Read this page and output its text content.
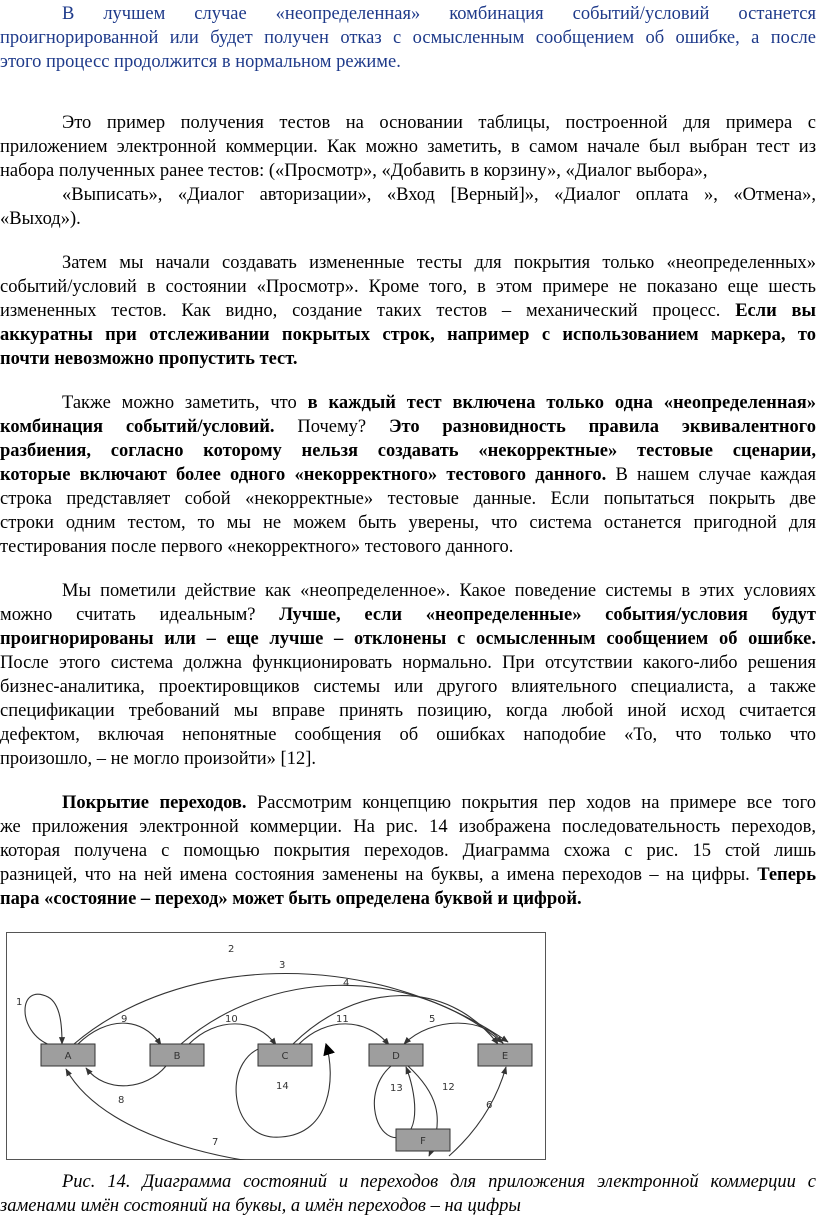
В лучшем случае «неопределенная» комбинация событий/условий останется
проигнорированной или будет получен отказ с осмысленным сообщением об ошибке, а после
этого процесс продолжится в нормальном режиме.
Это пример получения тестов на основании таблицы, построенной для примера с
приложением электронной коммерции. Как можно заметить, в самом начале был выбран тест из
набора полученных ранее тестов: («Просмотр», «Добавить в корзину», «Диалог выбора»,
«Выписать», «Диалог авторизации», «Вход [Верный]», «Диалог оплата », «Отмена»,
«Выход»).
Затем мы начали создавать измененные тесты для покрытия только «неопределенных»
событий/условий в состоянии «Просмотр». Кроме того, в этом примере не показано еще шесть
измененных тестов. Как видно, создание таких тестов – механический процесс. Если вы
аккуратны при отслеживании покрытых строк, например с использованием маркера, то
почти невозможно пропустить тест.
Также можно заметить, что в каждый тест включена только одна «неопределенная»
комбинация событий/условий. Почему? Это разновидность правила эквивалентного
разбиения, согласно которому нельзя создавать «некорректные» тестовые сценарии,
которые включают более одного «некорректного» тестового данного. В нашем случае каждая
строка представляет собой «некорректные» тестовые данные. Если попытаться покрыть две
строки одним тестом, то мы не можем быть уверены, что система останется пригодной для
тестирования после первого «некорректного» тестового данного.
Мы пометили действие как «неопределенное». Какое поведение системы в этих условиях
можно считать идеальным? Лучше, если «неопределенные» события/условия будут
проигнорированы или – еще лучше – отклонены с осмысленным сообщением об ошибке.
После этого система должна функционировать нормально. При отсутствии какого-либо решения
бизнес-аналитика, проектировщиков системы или другого влиятельного специалиста, а также
спецификации требований мы вправе принять позицию, когда любой иной исход считается
дефектом, включая непонятные сообщения об ошибках наподобие «То, что только что
произошло, – не могло произойти» [12].
Покрытие переходов. Рассмотрим концепцию покрытия пер ходов на примере все того
же приложения электронной коммерции. На рис. 14 изображена последовательность переходов,
которая получена с помощью покрытия переходов. Диаграмма схожа с рис. 15 стой лишь
разницей, что на ней имена состояния заменены на буквы, а имена переходов – на цифры. Теперь
пара «состояние – переход» может быть определена буквой и цифрой.
A	B	C	D	E
F
1
2
3
4
5
6
7
8
9	10	11
12
13
14
Рис. 14. Диаграмма состояний и переходов для приложения электронной коммерции с
заменами имён состояний на буквы, а имён переходов – на цифры
